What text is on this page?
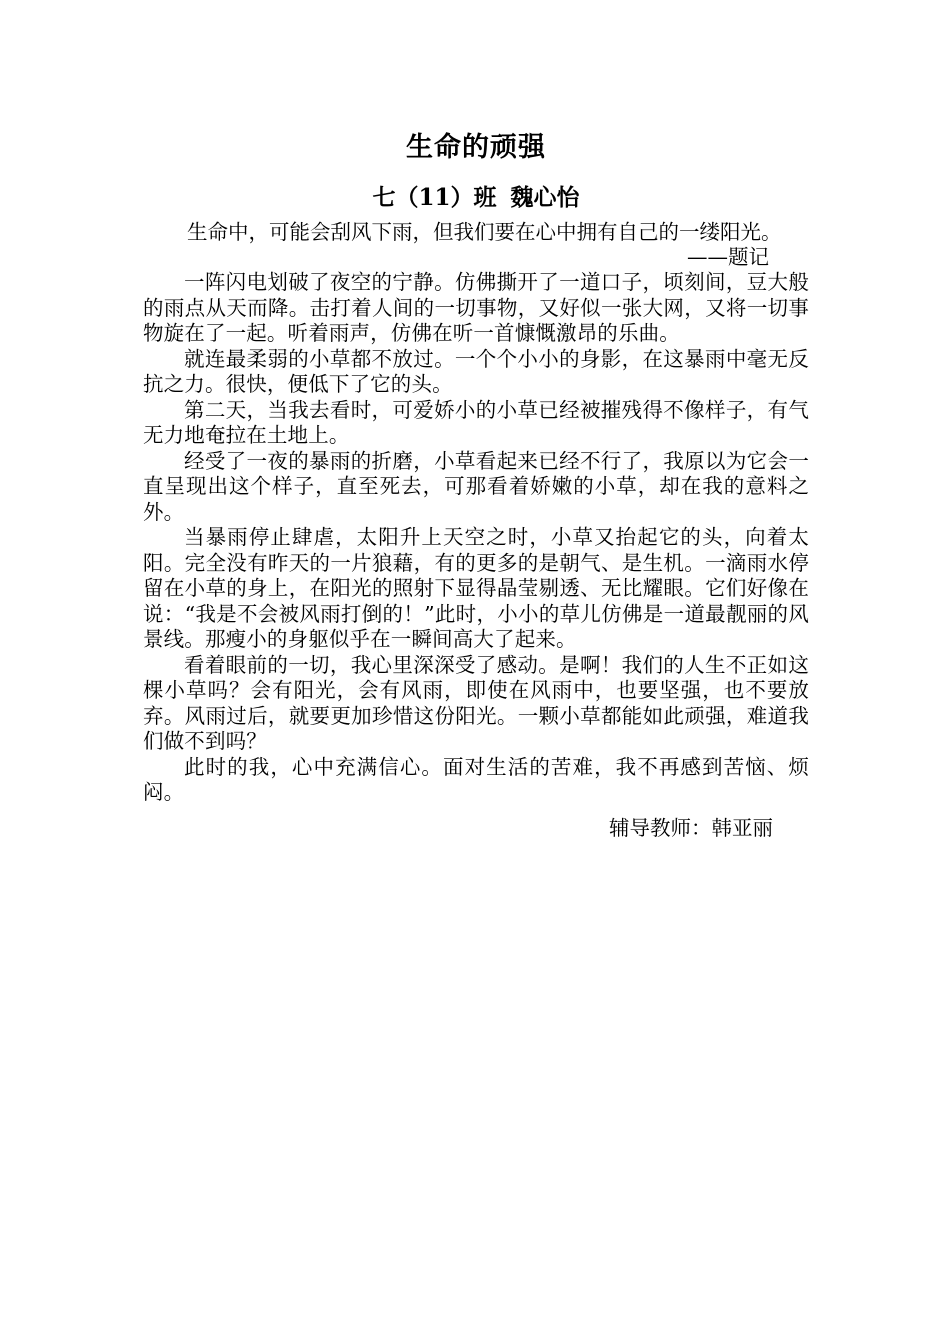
生命的顽强
七（11）班 魏心怡

生命中，可能会刮风下雨，但我们要在心中拥有自己的一缕阳光。

——题记

一阵闪电划破了夜空的宁静。仿佛撕开了一道口子，顷刻间，豆大般的雨点从天而降。击打着人间的一切事物，又好似一张大网，又将一切事物旋在了一起。听着雨声，仿佛在听一首慷慨激昂的乐曲。

就连最柔弱的小草都不放过。一个个小小的身影，在这暴雨中毫无反抗之力。很快，便低下了它的头。

第二天，当我去看时，可爱娇小的小草已经被摧残得不像样子，有气无力地奄拉在土地上。

经受了一夜的暴雨的折磨，小草看起来已经不行了，我原以为它会一直呈现出这个样子，直至死去，可那看着娇嫩的小草，却在我的意料之外。

当暴雨停止肆虐，太阳升上天空之时，小草又抬起它的头，向着太阳。完全没有昨天的一片狼藉，有的更多的是朝气、是生机。一滴雨水停留在小草的身上，在阳光的照射下显得晶莹剔透、无比耀眼。它们好像在说：“我是不会被风雨打倒的！”此时，小小的草儿仿佛是一道最靓丽的风景线。那瘦小的身躯似乎在一瞬间高大了起来。

看着眼前的一切，我心里深深受了感动。是啊！我们的人生不正如这棵小草吗？会有阳光，会有风雨，即使在风雨中，也要坚强，也不要放弃。风雨过后，就要更加珍惜这份阳光。一颗小草都能如此顽强，难道我们做不到吗？

此时的我，心中充满信心。面对生活的苦难，我不再感到苦恼、烦闷。

辅导教师：韩亚丽
